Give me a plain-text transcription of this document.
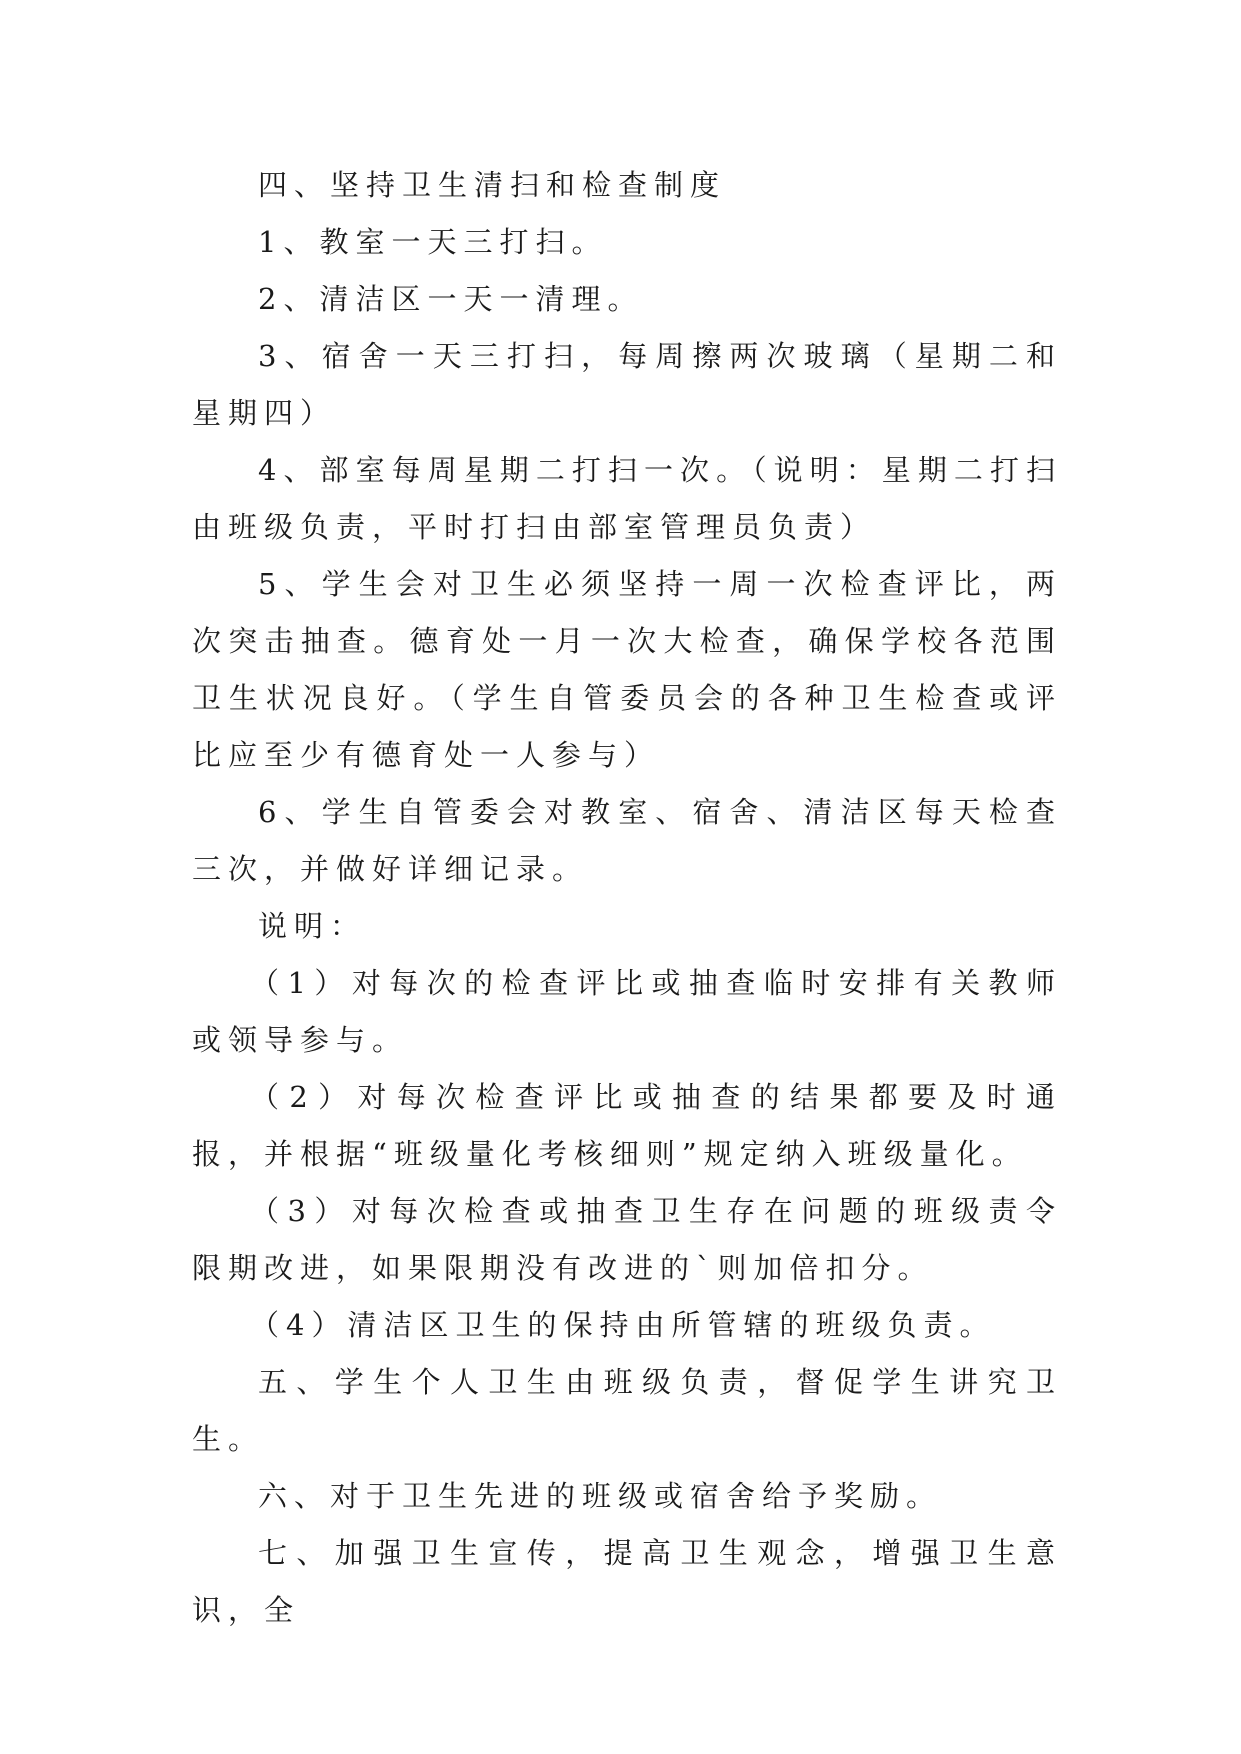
四、坚持卫生清扫和检查制度

1、教室一天三打扫。

2、清洁区一天一清理。

3、宿舍一天三打扫，每周擦两次玻璃（星期二和星期四）

4、部室每周星期二打扫一次。（说明：星期二打扫由班级负责，平时打扫由部室管理员负责）

5、学生会对卫生必须坚持一周一次检查评比，两次突击抽查。德育处一月一次大检查，确保学校各范围卫生状况良好。（学生自管委员会的各种卫生检查或评比应至少有德育处一人参与）

6、学生自管委会对教室、宿舍、清洁区每天检查三次，并做好详细记录。

说明：

（1）对每次的检查评比或抽查临时安排有关教师或领导参与。

（2）对每次检查评比或抽查的结果都要及时通报，并根据“班级量化考核细则”规定纳入班级量化。

（3）对每次检查或抽查卫生存在问题的班级责令限期改进，如果限期没有改进的`则加倍扣分。

（4）清洁区卫生的保持由所管辖的班级负责。

五、学生个人卫生由班级负责，督促学生讲究卫生。

六、对于卫生先进的班级或宿舍给予奖励。

七、加强卫生宣传，提高卫生观念，增强卫生意识，全
